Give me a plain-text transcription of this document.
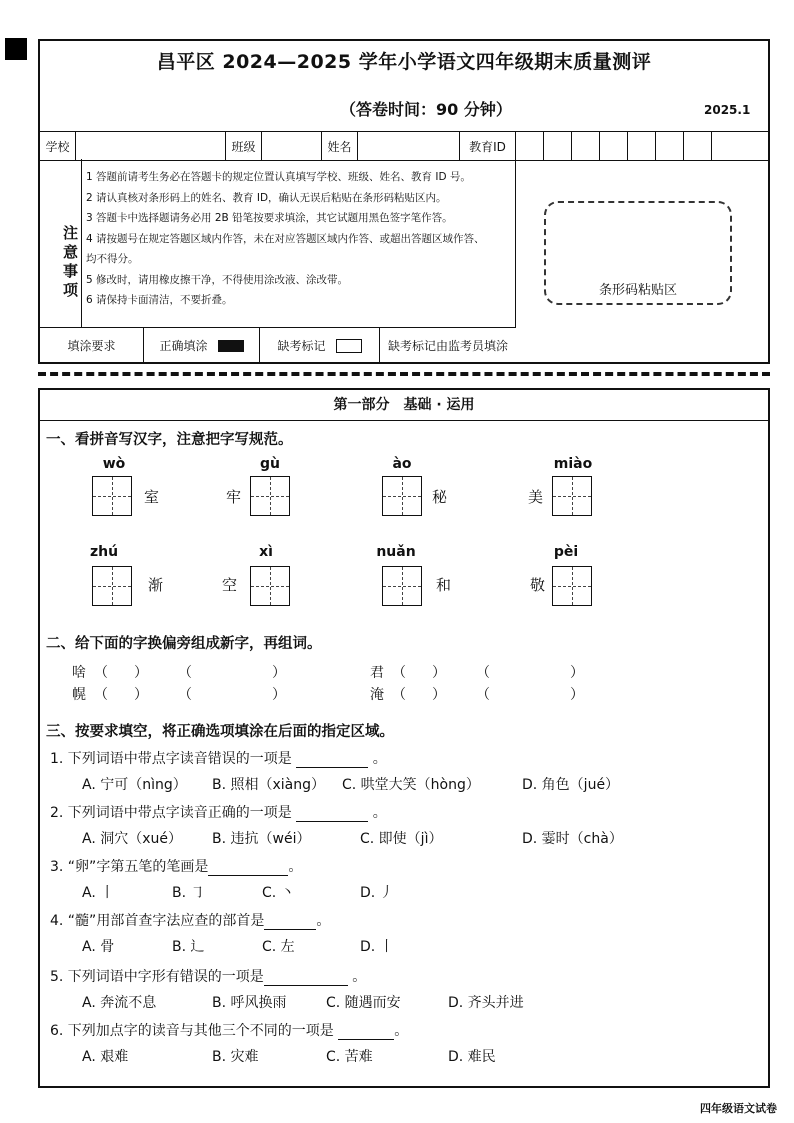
昌平区 2024—2025 学年小学语文四年级期末质量测评
（答卷时间：90 分钟）	2025.1
学校	班级	姓名	教育ID
注意事项
1 答题前请考生务必在答题卡的规定位置认真填写学校、班级、姓名、教育 ID 号。
2 请认真核对条形码上的姓名、教育 ID，确认无误后粘贴在条形码粘贴区内。
3 答题卡中选择题请务必用 2B 铅笔按要求填涂，其它试题用黑色签字笔作答。
4 请按题号在规定答题区域内作答，未在对应答题区域内作答、或超出答题区域作答、
均不得分。
5 修改时，请用橡皮擦干净，不得使用涂改液、涂改带。
6 请保持卡面清洁，不要折叠。
条形码粘贴区
填涂要求	正确填涂	缺考标记	缺考标记由监考员填涂
第一部分　基础 · 运用
一、看拼音写汉字，注意把字写规范。
wò
室
gù
牢
ào
秘
miào
美
zhú
渐
xì
空
nuǎn
和
pèi
敬
二、给下面的字换偏旁组成新字，再组词。
啥 （ ） （	）	君 （ ） （	）
幌 （ ） （	）	淹 （ ） （	）
三、按要求填空，将正确选项填涂在后面的指定区域。
1. 下列词语中带点字读音错误的一项是	。
A. 宁可（nìng） B. 照相（xiàng） C. 哄堂大笑（hòng）	D. 角色（jué）
2. 下列词语中带点字读音正确的一项是	。
A. 洞穴（xué） B. 违抗（wéi）	C. 即使（jì）	D. 霎时（chà）
3. “卵”字第五笔的笔画是	。
A. 丨	B. ㇆	C. 丶	D. 丿
4. “髓”用部首查字法应查的部首是	。
A. 骨	B. 辶	C. 左	D. 丨
5. 下列词语中字形有错误的一项是	。
A. 奔流不息	B. 呼风换雨	C. 随遇而安	D. 齐头并进
6. 下列加点字的读音与其他三个不同的一项是	。
A. 艰难	B. 灾难	C. 苦难	D. 难民
四年级语文试卷
